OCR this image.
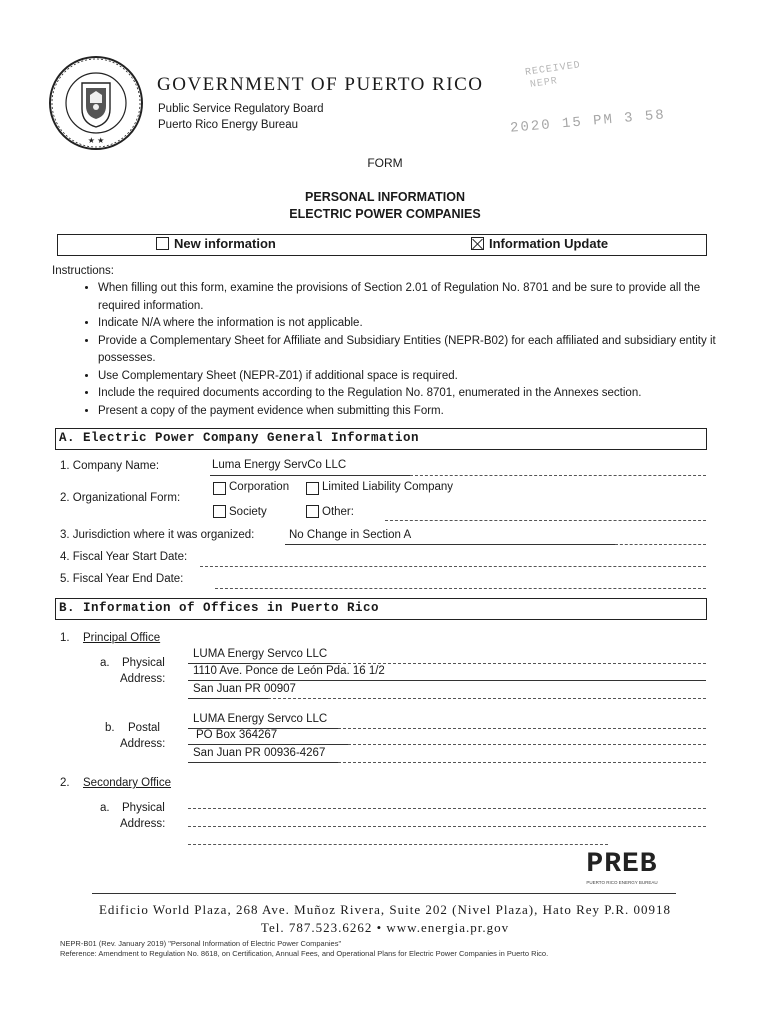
★ ★
GOVERNMENT OF PUERTO RICO
Public Service Regulatory Board
Puerto Rico Energy Bureau
RECEIVED
NEPR
2020 15 PM 3 58
FORM
PERSONAL INFORMATION
ELECTRIC POWER COMPANIES
New information	Information Update
Instructions:
• When filling out this form, examine the provisions of Section 2.01 of Regulation No. 8701 and be sure to provide all the required information.
• Indicate N/A where the information is not applicable.
• Provide a Complementary Sheet for Affiliate and Subsidiary Entities (NEPR-B02) for each affiliated and subsidiary entity it possesses.
• Use Complementary Sheet (NEPR-Z01) if additional space is required.
• Include the required documents according to the Regulation No. 8701, enumerated in the Annexes section.
• Present a copy of the payment evidence when submitting this Form.
A. Electric Power Company General Information
1. Company Name:	Luma Energy ServCo LLC
2. Organizational Form:
Corporation	Limited Liability Company
Society	Other:
3. Jurisdiction where it was organized:	No Change in Section A
4. Fiscal Year Start Date:
5. Fiscal Year End Date:
B. Information of Offices in Puerto Rico
1. Principal Office
a. Physical
Address:
LUMA Energy Servco LLC
1110 Ave. Ponce de León Pda. 16 1/2
San Juan PR 00907
b. Postal
Address:
LUMA Energy Servco LLC
PO Box 364267
San Juan PR 00936-4267
2. Secondary Office
a. Physical
Address:
PREB
PUERTO RICO ENERGY BUREAU
Edificio World Plaza, 268 Ave. Muñoz Rivera, Suite 202 (Nivel Plaza), Hato Rey P.R. 00918
Tel. 787.523.6262 • www.energia.pr.gov
NEPR-B01 (Rev. January 2019) "Personal Information of Electric Power Companies"
Reference: Amendment to Regulation No. 8618, on Certification, Annual Fees, and Operational Plans for Electric Power Companies in Puerto Rico.
